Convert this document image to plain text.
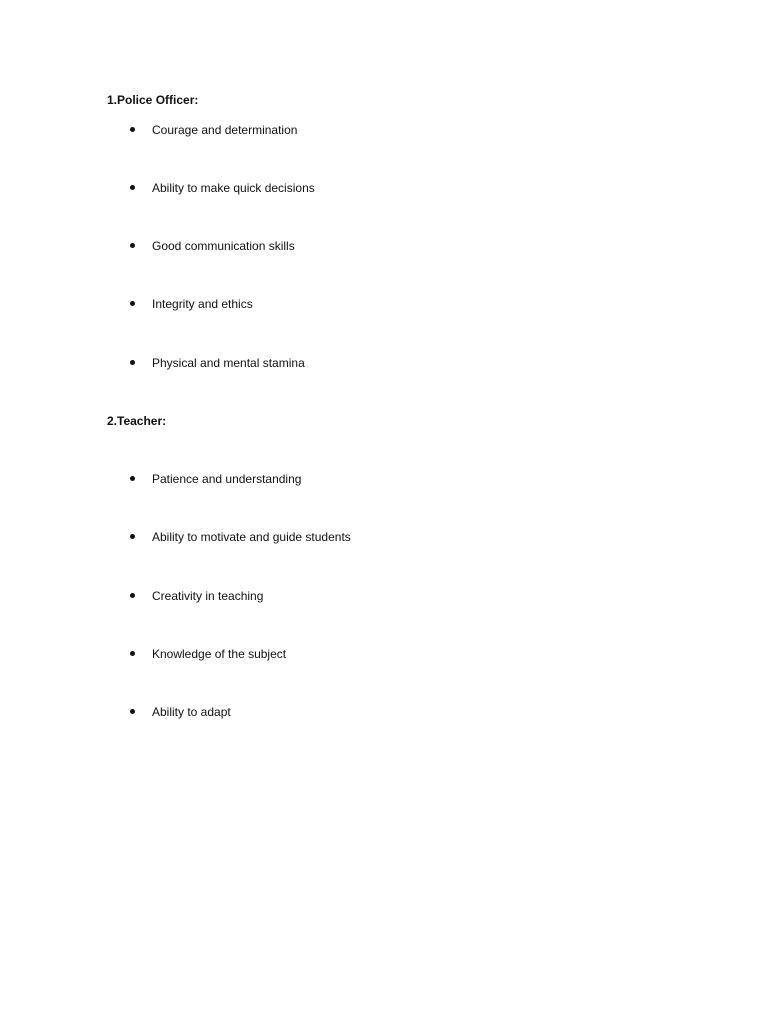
1.Police Officer:
Courage and determination
Ability to make quick decisions
Good communication skills
Integrity and ethics
Physical and mental stamina
2.Teacher:
Patience and understanding
Ability to motivate and guide students
Creativity in teaching
Knowledge of the subject
Ability to adapt
